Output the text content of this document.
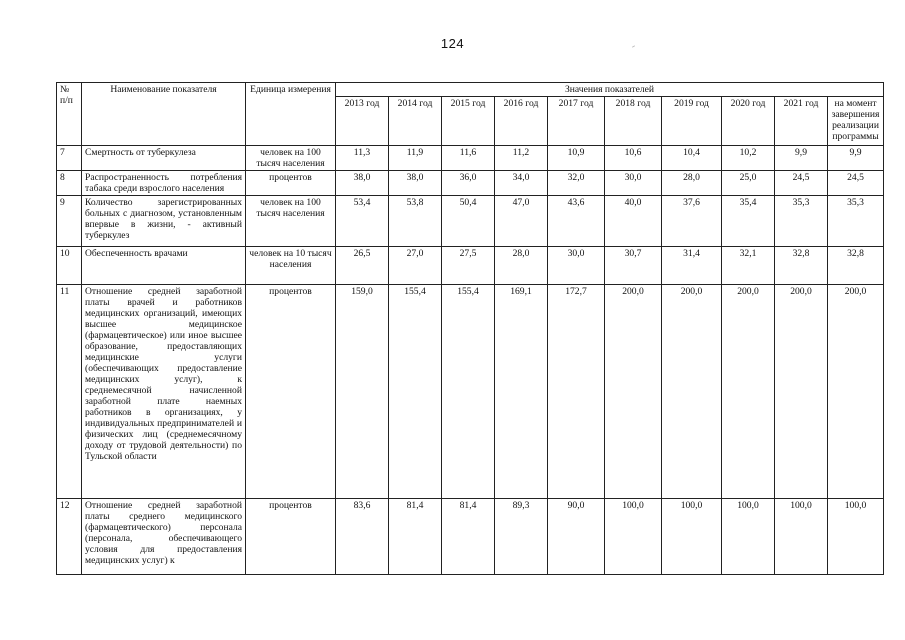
124
№ п/п	Наименование показателя	Единица измерения	Значения показателей									
			2013 год	2014 год	2015 год	2016 год	2017 год	2018 год	2019 год	2020 год	2021 год	на момент завершения реализации программы
7	Смертность от туберкулеза	человек на 100 тысяч населения	11,3	11,9	11,6	11,2	10,9	10,6	10,4	10,2	9,9	9,9
8	Распространенность потребления табака среди взрослого населения	процентов	38,0	38,0	36,0	34,0	32,0	30,0	28,0	25,0	24,5	24,5
9	Количество зарегистрированных больных с диагнозом, установленным впервые в жизни, - активный туберкулез	человек на 100 тысяч населения	53,4	53,8	50,4	47,0	43,6	40,0	37,6	35,4	35,3	35,3
10	Обеспеченность врачами	человек на 10 тысяч населения	26,5	27,0	27,5	28,0	30,0	30,7	31,4	32,1	32,8	32,8
11	Отношение средней заработной платы врачей и работников медицинских организаций, имеющих высшее медицинское (фармацевтическое) или иное высшее образование, предоставляющих медицинские услуги (обеспечивающих предоставление медицинских услуг), к среднемесячной начисленной заработной плате наемных работников в организациях, у индивидуальных предпринимателей и физических лиц (среднемесячному доходу от трудовой деятельности) по Тульской области	процентов	159,0	155,4	155,4	169,1	172,7	200,0	200,0	200,0	200,0	200,0
12	Отношение средней заработной платы среднего медицинского (фармацевтического) персонала (персонала, обеспечивающего условия для предоставления медицинских услуг) к	процентов	83,6	81,4	81,4	89,3	90,0	100,0	100,0	100,0	100,0	100,0
